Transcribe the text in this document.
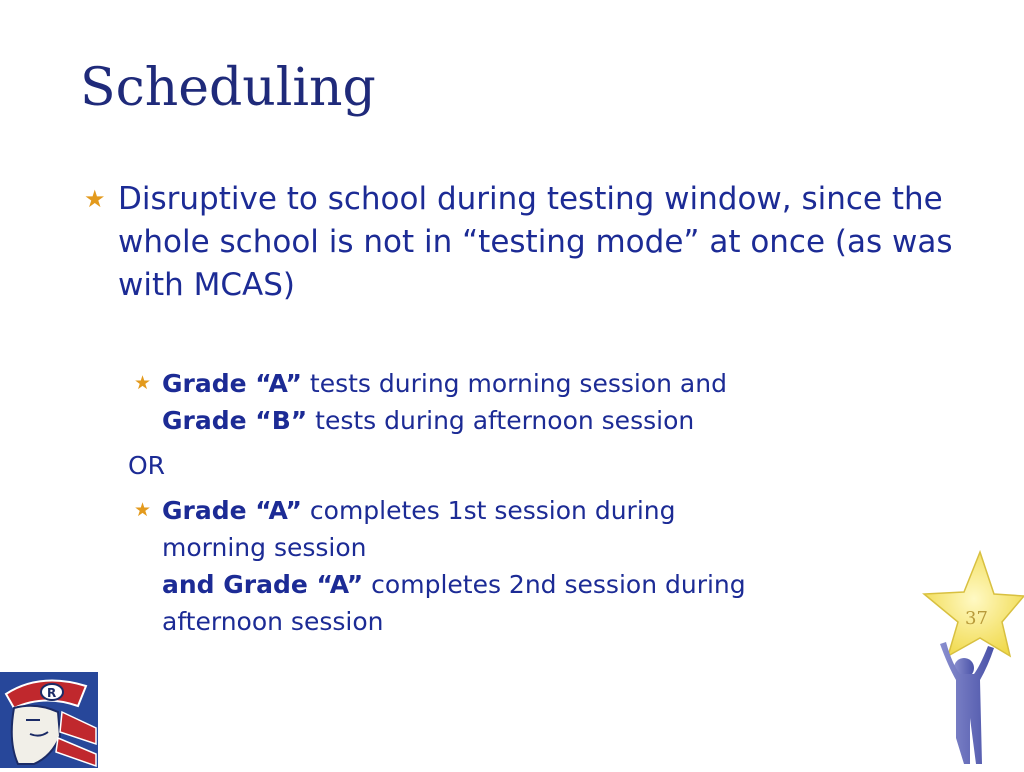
Scheduling
★ Disruptive to school during testing window, since the whole school is not in “testing mode” at once (as was with MCAS)
★ Grade “A” tests during morning session and
Grade “B” tests during afternoon session
OR
★ Grade “A” completes 1st session during
morning session
and Grade “A” completes 2nd session during
afternoon session
R
37
